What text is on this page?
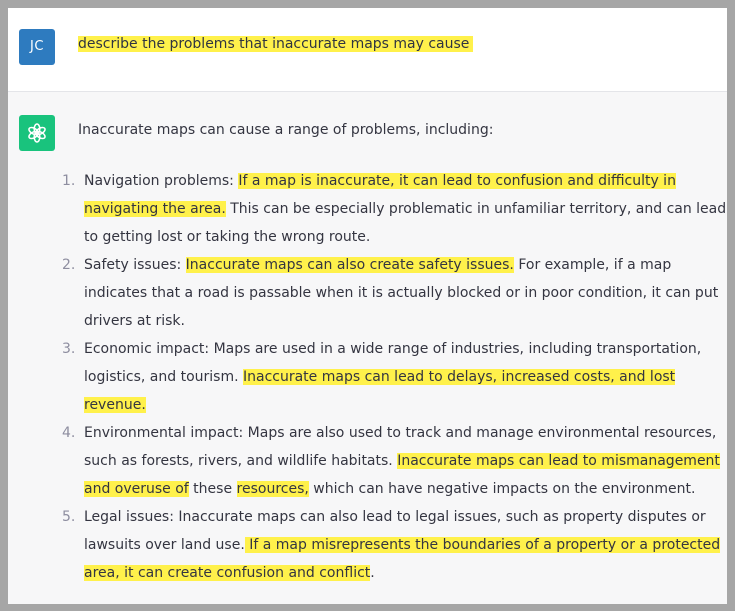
JC	describe the problems that inaccurate maps may cause
Inaccurate maps can cause a range of problems, including:
1. Navigation problems: If a map is inaccurate, it can lead to confusion and difficulty in
navigating the area. This can be especially problematic in unfamiliar territory, and can lead
to getting lost or taking the wrong route.
2. Safety issues: Inaccurate maps can also create safety issues. For example, if a map
indicates that a road is passable when it is actually blocked or in poor condition, it can put
drivers at risk.
3. Economic impact: Maps are used in a wide range of industries, including transportation,
logistics, and tourism. Inaccurate maps can lead to delays, increased costs, and lost
revenue.
4. Environmental impact: Maps are also used to track and manage environmental resources,
such as forests, rivers, and wildlife habitats. Inaccurate maps can lead to mismanagement
and overuse of these resources, which can have negative impacts on the environment.
5. Legal issues: Inaccurate maps can also lead to legal issues, such as property disputes or
lawsuits over land use. If a map misrepresents the boundaries of a property or a protected
area, it can create confusion and conflict.
